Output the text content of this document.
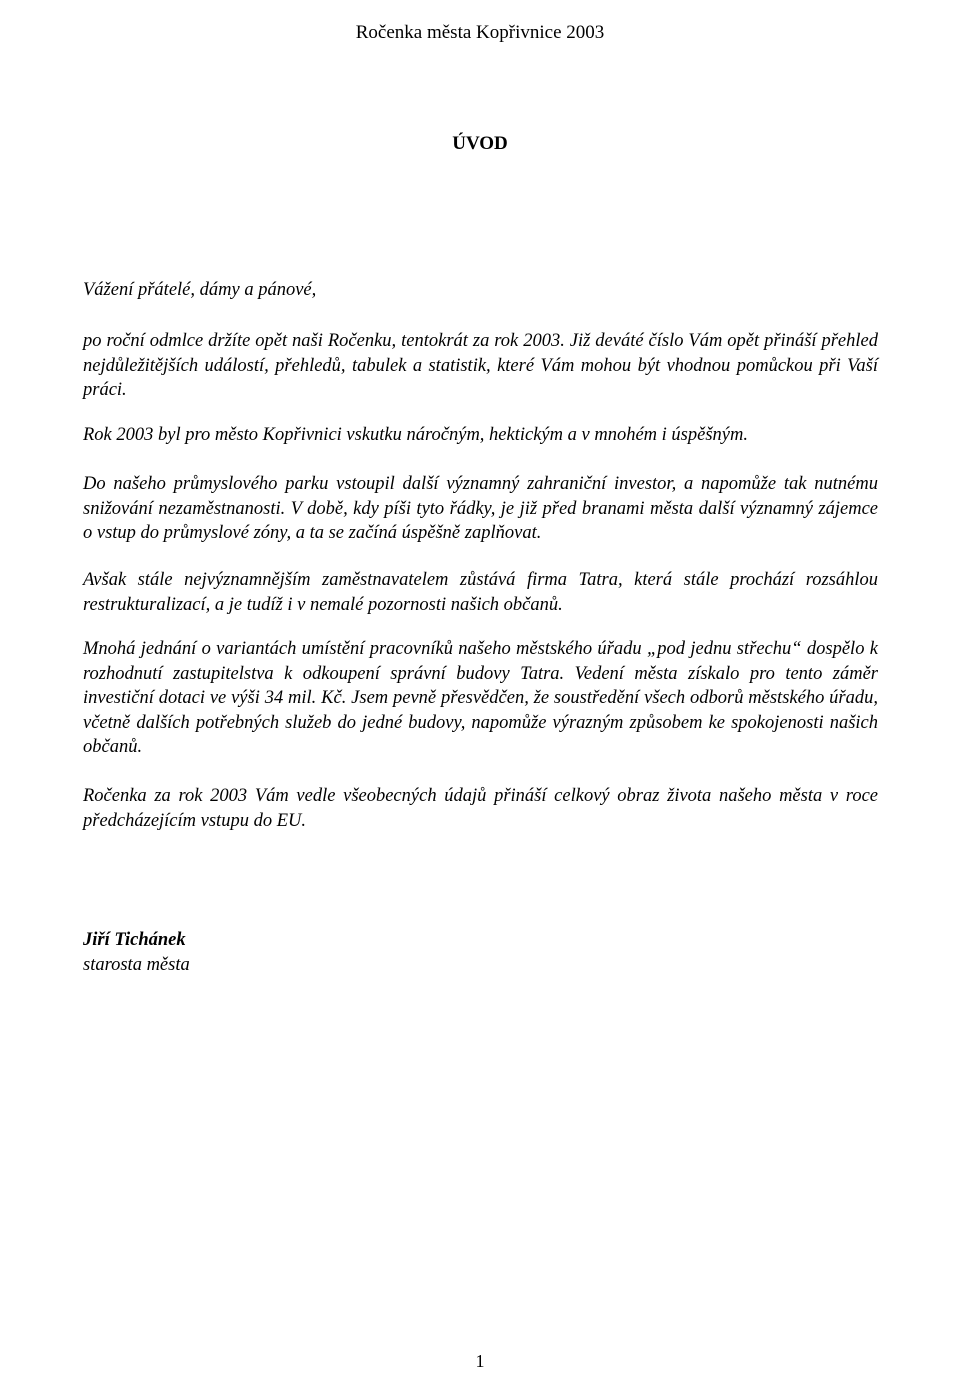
Ročenka města Kopřivnice 2003
ÚVOD

Vážení přátelé, dámy a pánové,

po roční odmlce držíte opět naši Ročenku, tentokrát za rok 2003. Již deváté číslo Vám opět přináší přehled nejdůležitějších událostí, přehledů, tabulek a statistik, které Vám mohou být vhodnou pomůckou při Vaší práci.

Rok 2003 byl pro město Kopřivnici vskutku náročným, hektickým a v mnohém i úspěšným.

Do našeho průmyslového parku vstoupil další významný zahraniční investor, a napomůže tak nutnému snižování nezaměstnanosti. V době, kdy píši tyto řádky, je již před branami města další významný zájemce o vstup do průmyslové zóny, a ta se začíná úspěšně zaplňovat.

Avšak stále nejvýznamnějším zaměstnavatelem zůstává firma Tatra, která stále prochází rozsáhlou restrukturalizací, a je tudíž i v nemalé pozornosti našich občanů.

Mnohá jednání o variantách umístění pracovníků našeho městského úřadu „pod jednu střechu“ dospělo k rozhodnutí zastupitelstva k odkoupení správní budovy Tatra. Vedení města získalo pro tento záměr investiční dotaci ve výši 34 mil. Kč. Jsem pevně přesvědčen, že soustředění všech odborů městského úřadu, včetně dalších potřebných služeb do jedné budovy, napomůže výrazným způsobem ke spokojenosti našich občanů.

Ročenka za rok 2003 Vám vedle všeobecných údajů přináší celkový obraz života našeho města v roce předcházejícím vstupu do EU.

Jiří Tichánek
starosta města
1
